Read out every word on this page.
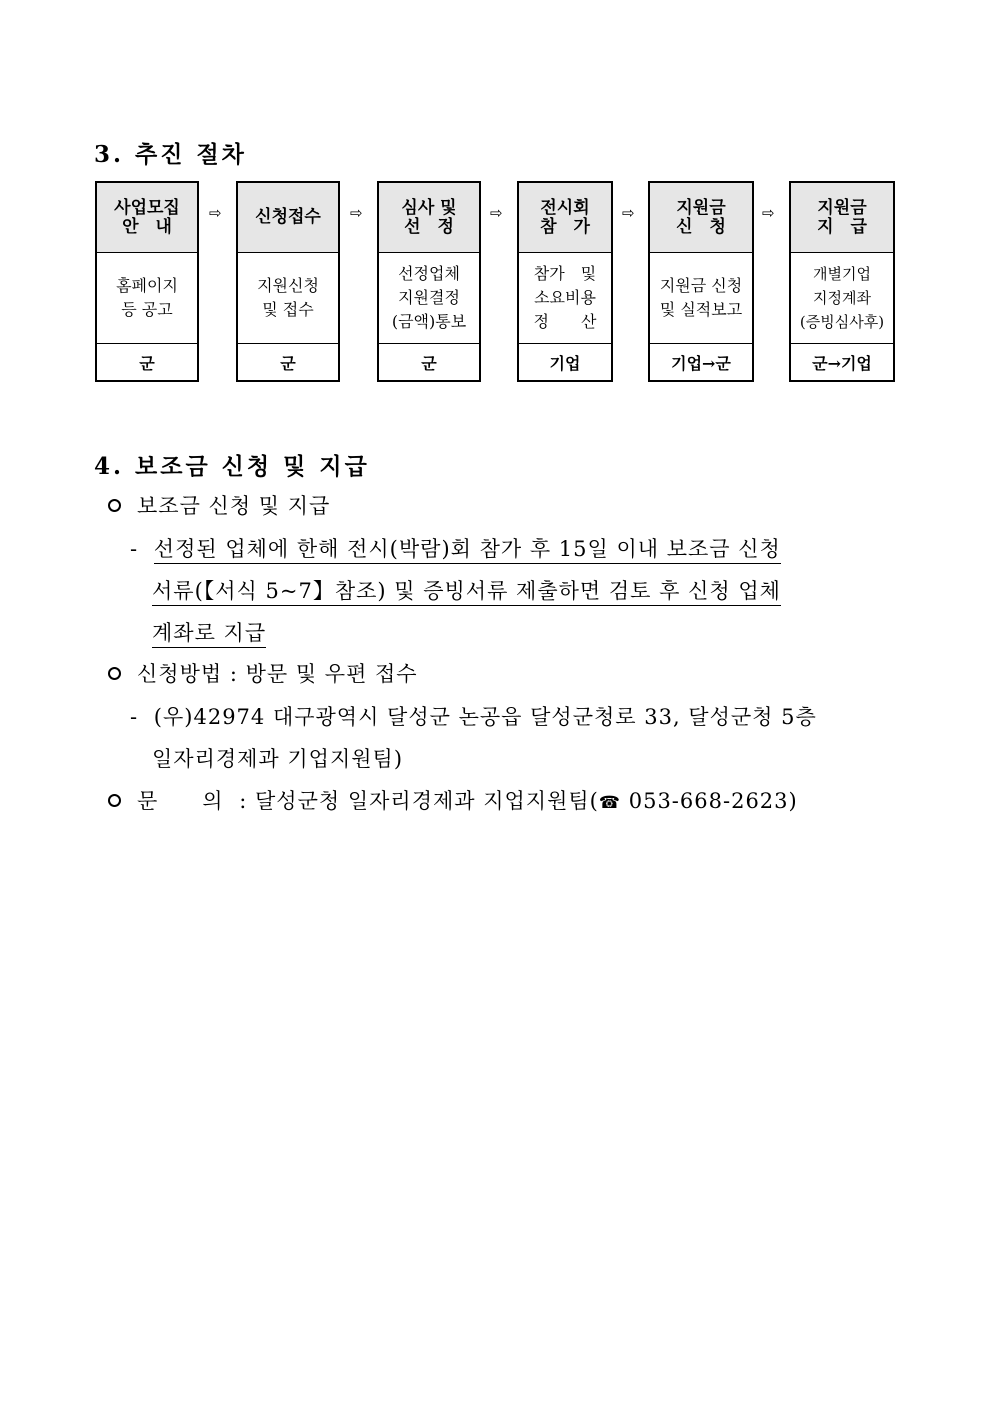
3. 추진 절차
사업모집
안　내
홈페이지
등 공고
군
⇨	신청접수
지원신청
및 접수
군
⇨	심사 및
선　정
선정업체
지원결정
(금액)통보
군
⇨	전시회
참　가
참가　및
소요비용
정　　산
기업
⇨	지원금
신　청
지원금 신청
및 실적보고
기업→군
⇨	지원금
지　급
개별기업
지정계좌
(증빙심사후)
군→기업
4. 보조금 신청 및 지급
보조금 신청 및 지급
- 선정된 업체에 한해 전시(박람)회 참가 후 15일 이내 보조금 신청
서류(【서식 5~7】참조) 및 증빙서류 제출하면 검토 후 신청 업체
계좌로 지급
신청방법 : 방문 및 우편 접수
- (우)42974 대구광역시 달성군 논공읍 달성군청로 33, 달성군청 5층
일자리경제과 기업지원팀)
문　　의 : 달성군청 일자리경제과 지업지원팀(☎ 053-668-2623)
